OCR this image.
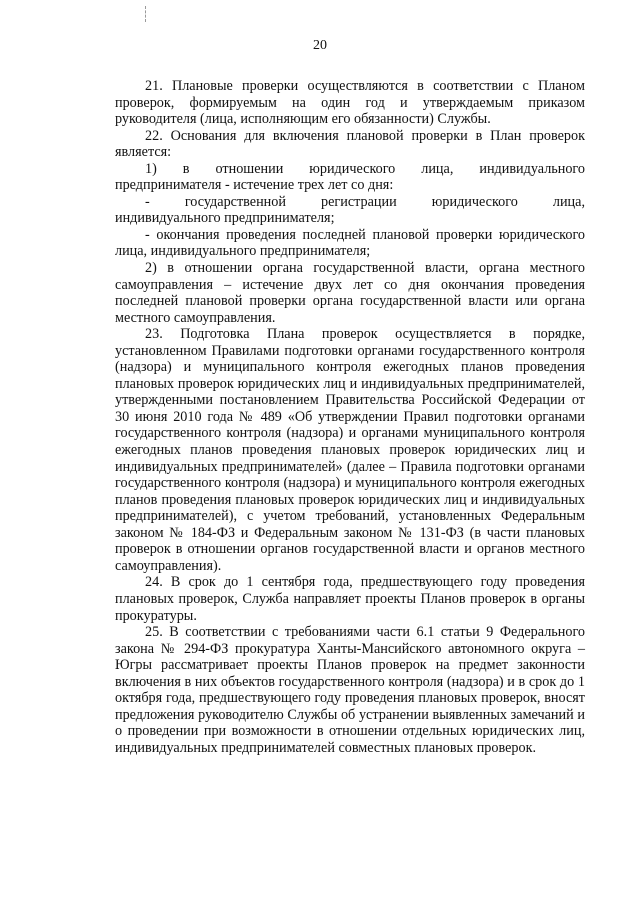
20

21. Плановые проверки осуществляются в соответствии с Планом проверок, формируемым на один год и утверждаемым приказом руководителя (лица, исполняющим его обязанности) Службы.

22. Основания для включения плановой проверки в План проверок является:

1) в отношении юридического лица, индивидуального

предпринимателя - истечение трех лет со дня:

- государственной регистрации юридического лица,

индивидуального предпринимателя;

- окончания проведения последней плановой проверки юридического лица, индивидуального предпринимателя;

2) в отношении органа государственной власти, органа местного самоуправления – истечение двух лет со дня окончания проведения последней плановой проверки органа государственной власти или органа местного самоуправления.

23. Подготовка Плана проверок осуществляется в порядке, установленном Правилами подготовки органами государственного контроля (надзора) и муниципального контроля ежегодных планов проведения плановых проверок юридических лиц и индивидуальных предпринимателей, утвержденными постановлением Правительства Российской Федерации от 30 июня 2010 года № 489 «Об утверждении Правил подготовки органами государственного контроля (надзора) и органами муниципального контроля ежегодных планов проведения плановых проверок юридических лиц и индивидуальных предпринимателей» (далее – Правила подготовки органами государственного контроля (надзора) и муниципального контроля ежегодных планов проведения плановых проверок юридических лиц и индивидуальных предпринимателей), с учетом требований, установленных Федеральным законом № 184-ФЗ и Федеральным законом № 131-ФЗ (в части плановых проверок в отношении органов государственной власти и органов местного самоуправления).

24. В срок до 1 сентября года, предшествующего году проведения плановых проверок, Служба направляет проекты Планов проверок в органы прокуратуры.

25. В соответствии с требованиями части 6.1 статьи 9 Федерального закона № 294-ФЗ прокуратура Ханты-Мансийского автономного округа – Югры рассматривает проекты Планов проверок на предмет законности включения в них объектов государственного контроля (надзора) и в срок до 1 октября года, предшествующего году проведения плановых проверок, вносят предложения руководителю Службы об устранении выявленных замечаний и о проведении при возможности в отношении отдельных юридических лиц, индивидуальных предпринимателей совместных плановых проверок.
